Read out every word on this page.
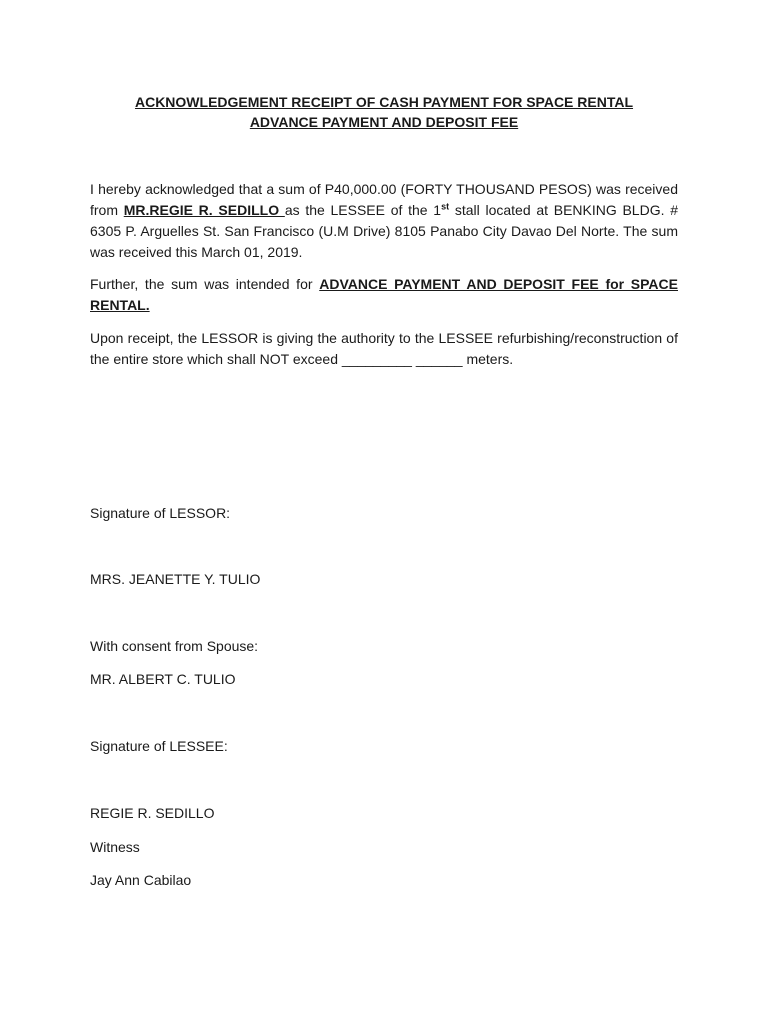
ACKNOWLEDGEMENT RECEIPT OF CASH PAYMENT FOR SPACE RENTAL
ADVANCE PAYMENT AND DEPOSIT FEE
I hereby acknowledged that a sum of P40,000.00 (FORTY THOUSAND PESOS) was received from MR.REGIE R. SEDILLO as the LESSEE of the 1st stall located at BENKING BLDG. # 6305 P. Arguelles St. San Francisco (U.M Drive) 8105 Panabo City Davao Del Norte. The sum was received this March 01, 2019.
Further, the sum was intended for ADVANCE PAYMENT AND DEPOSIT FEE for SPACE RENTAL.
Upon receipt, the LESSOR is giving the authority to the LESSEE refurbishing/reconstruction of the entire store which shall NOT exceed _________ ______ meters.
Signature of LESSOR:
MRS. JEANETTE Y. TULIO
With consent from Spouse:
MR. ALBERT C. TULIO
Signature of LESSEE:
REGIE R. SEDILLO
Witness
Jay Ann Cabilao
